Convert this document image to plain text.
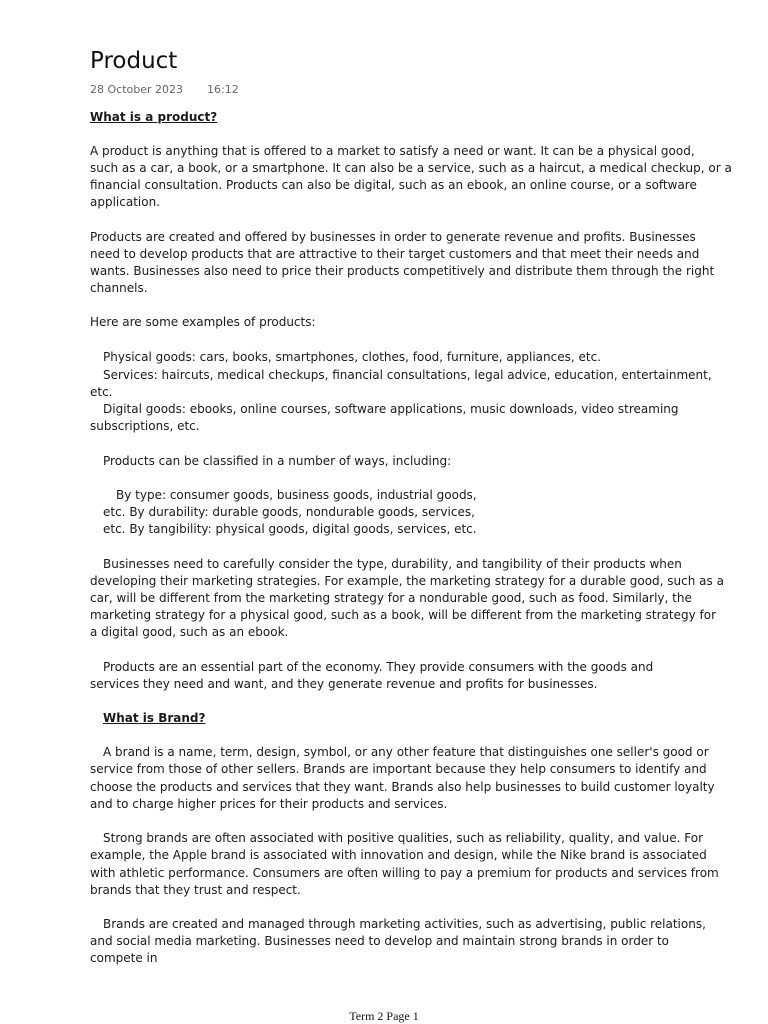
Product
28 October 2023 16:12
What is a product?
A product is anything that is offered to a market to satisfy a need or want. It can be a physical good,
such as a car, a book, or a smartphone. It can also be a service, such as a haircut, a medical checkup, or a
financial consultation. Products can also be digital, such as an ebook, an online course, or a software
application.
Products are created and offered by businesses in order to generate revenue and profits. Businesses
need to develop products that are attractive to their target customers and that meet their needs and
wants. Businesses also need to price their products competitively and distribute them through the right
channels.
Here are some examples of products:
Physical goods: cars, books, smartphones, clothes, food, furniture, appliances, etc.
Services: haircuts, medical checkups, financial consultations, legal advice, education, entertainment,
etc.
Digital goods: ebooks, online courses, software applications, music downloads, video streaming
subscriptions, etc.
Products can be classified in a number of ways, including:
By type: consumer goods, business goods, industrial goods,
etc. By durability: durable goods, nondurable goods, services,
etc. By tangibility: physical goods, digital goods, services, etc.
Businesses need to carefully consider the type, durability, and tangibility of their products when
developing their marketing strategies. For example, the marketing strategy for a durable good, such as a
car, will be different from the marketing strategy for a nondurable good, such as food. Similarly, the
marketing strategy for a physical good, such as a book, will be different from the marketing strategy for
a digital good, such as an ebook.
Products are an essential part of the economy. They provide consumers with the goods and
services they need and want, and they generate revenue and profits for businesses.
What is Brand?
A brand is a name, term, design, symbol, or any other feature that distinguishes one seller's good or
service from those of other sellers. Brands are important because they help consumers to identify and
choose the products and services that they want. Brands also help businesses to build customer loyalty
and to charge higher prices for their products and services.
Strong brands are often associated with positive qualities, such as reliability, quality, and value. For
example, the Apple brand is associated with innovation and design, while the Nike brand is associated
with athletic performance. Consumers are often willing to pay a premium for products and services from
brands that they trust and respect.
Brands are created and managed through marketing activities, such as advertising, public relations,
and social media marketing. Businesses need to develop and maintain strong brands in order to
compete in
Term 2 Page 1
